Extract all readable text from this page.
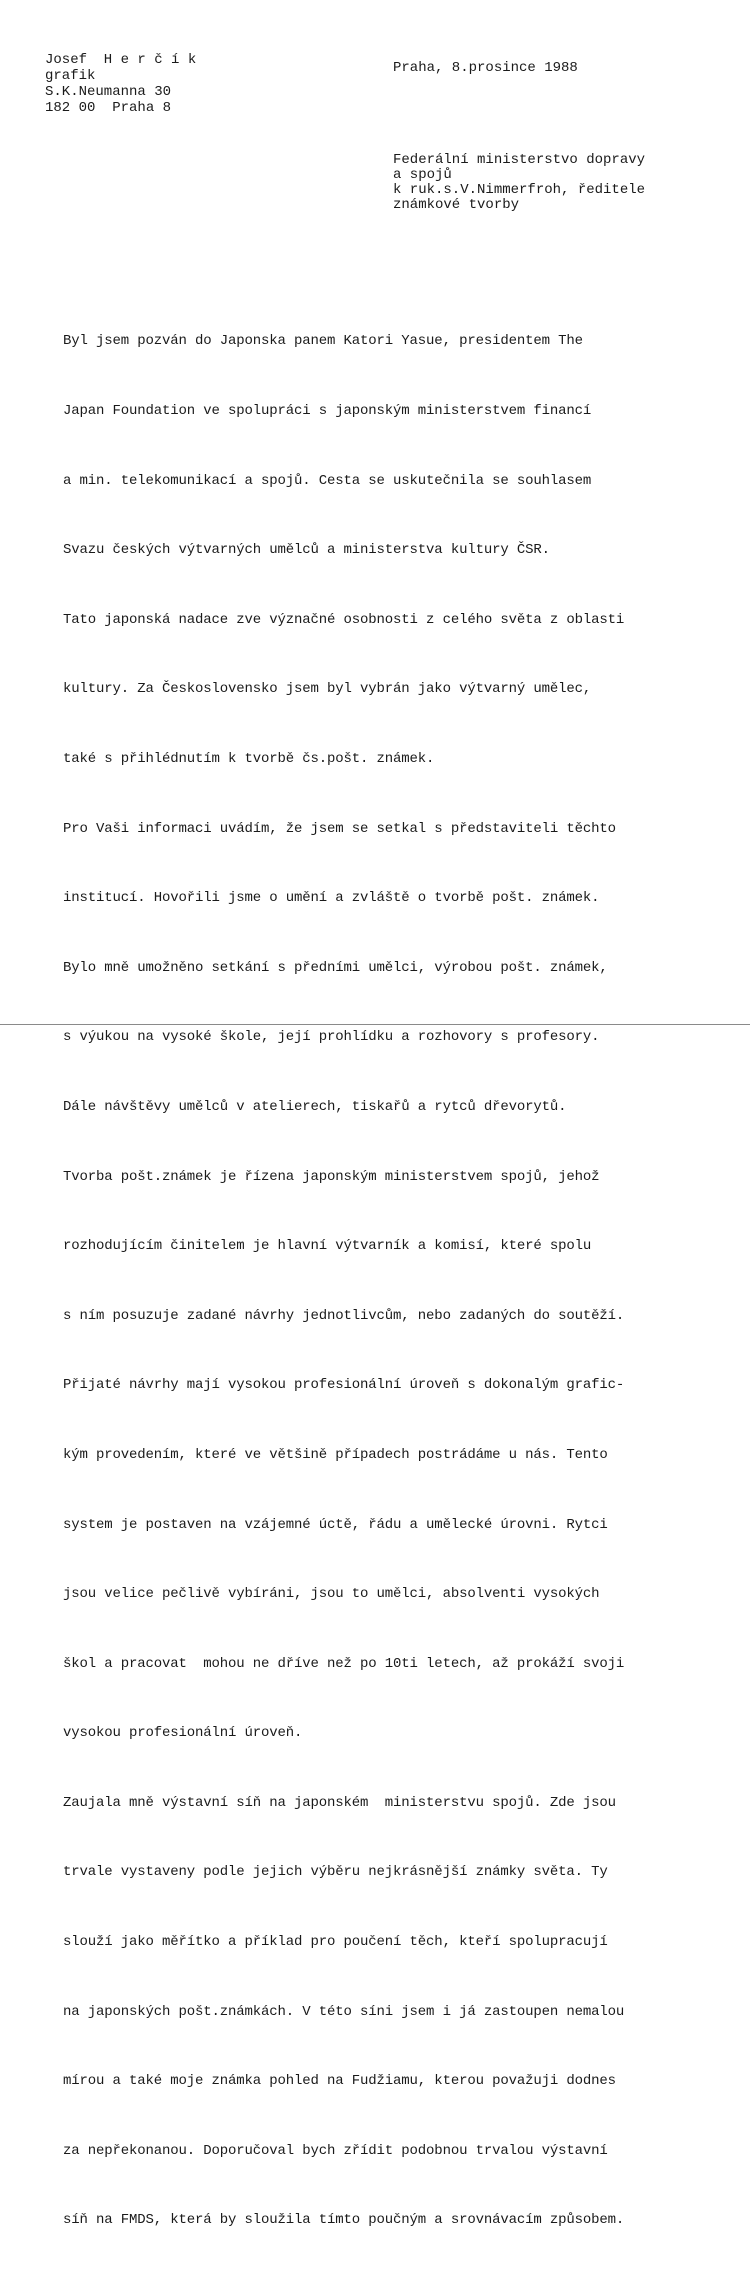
Josef  H e r č í k
grafik
S.K.Neumanna 30
182 00  Praha 8
Praha, 8.prosince 1988
Federální ministerstvo dopravy
a spojů
k ruk.s.V.Nimmerfroh, ředitele
známkové tvorby

Byl jsem pozván do Japonska panem Katori Yasue, presidentem The

Japan Foundation ve spolupráci s japonským ministerstvem financí

a min. telekomunikací a spojů. Cesta se uskutečnila se souhlasem

Svazu českých výtvarných umělců a ministerstva kultury ČSR.

Tato japonská nadace zve význačné osobnosti z celého světa z oblasti

kultury. Za Československo jsem byl vybrán jako výtvarný umělec,

také s přihlédnutím k tvorbě čs.pošt. známek.

Pro Vaši informaci uvádím, že jsem se setkal s představiteli těchto

institucí. Hovořili jsme o umění a zvláště o tvorbě pošt. známek.

Bylo mně umožněno setkání s předními umělci, výrobou pošt. známek,

s výukou na vysoké škole, její prohlídku a rozhovory s profesory.

Dále návštěvy umělců v atelierech, tiskařů a rytců dřevorytů.

Tvorba pošt.známek je řízena japonským ministerstvem spojů, jehož

rozhodujícím činitelem je hlavní výtvarník a komisí, které spolu

s ním posuzuje zadané návrhy jednotlivcům, nebo zadaných do soutěží.

Přijaté návrhy mají vysokou profesionální úroveň s dokonalým grafic-

kým provedením, které ve většině případech postrádáme u nás. Tento

system je postaven na vzájemné úctě, řádu a umělecké úrovni. Rytci

jsou velice pečlivě vybíráni, jsou to umělci, absolventi vysokých

škol a pracovat  mohou ne dříve než po 10ti letech, až prokáží svoji

vysokou profesionální úroveň.

Zaujala mně výstavní síň na japonském  ministerstvu spojů. Zde jsou

trvale vystaveny podle jejich výběru nejkrásnější známky světa. Ty

slouží jako měřítko a příklad pro poučení těch, kteří spolupracují

na japonských pošt.známkách. V této síni jsem i já zastoupen nemalou

mírou a také moje známka pohled na Fudžiamu, kterou považuji dodnes

za nepřekonanou. Doporučoval bych zřídit podobnou trvalou výstavní

síň na FMDS, která by sloužila tímto poučným a srovnávacím způsobem.
